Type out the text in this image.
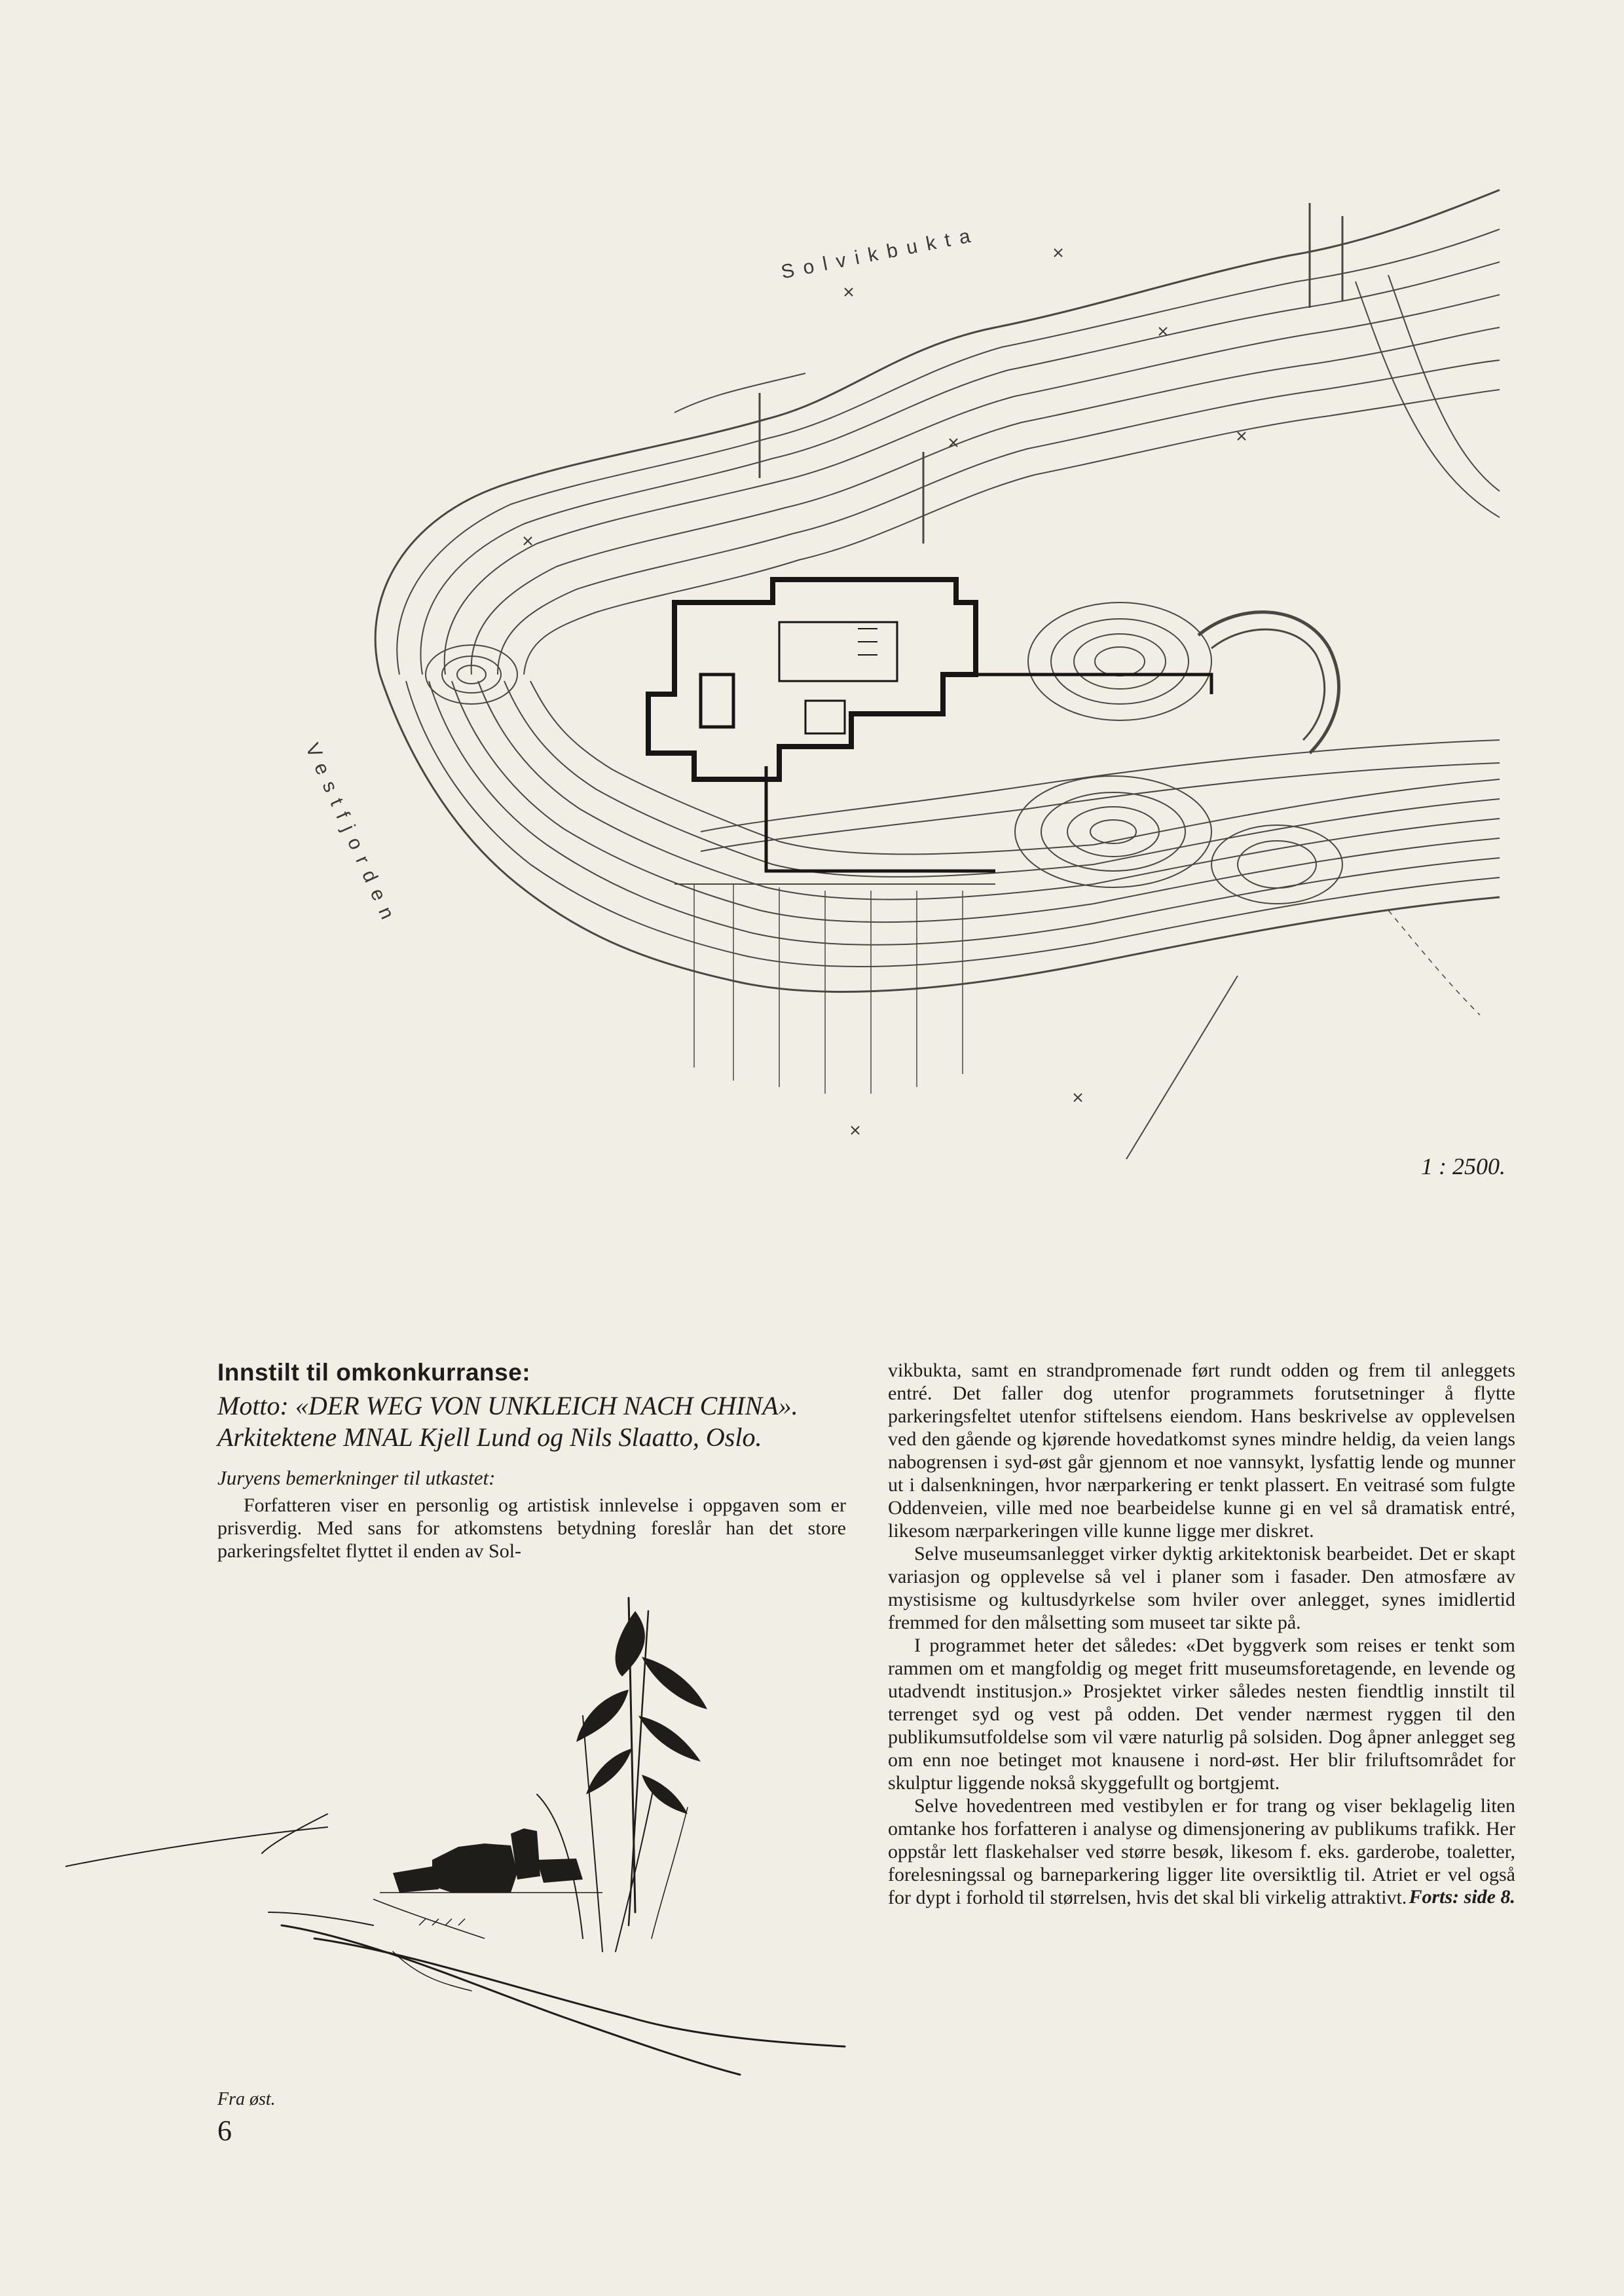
Solvikbukta
Vestfjorden
1 : 2500.
Innstilt til omkonkurranse:

Motto: «DER WEG VON UNKLEICH NACH CHINA».

Arkitektene MNAL Kjell Lund og Nils Slaatto, Oslo.

Juryens bemerkninger til utkastet:

Forfatteren viser en personlig og artistisk innlevelse i oppgaven som er prisverdig. Med sans for atkomstens betydning foreslår han det store parkeringsfeltet flyttet il enden av Sol-

vikbukta, samt en strandpromenade ført rundt odden og frem til anleggets entré. Det faller dog utenfor programmets forutsetninger å flytte parkeringsfeltet utenfor stiftelsens eiendom. Hans beskrivelse av opplevelsen ved den gående og kjørende hovedatkomst synes mindre heldig, da veien langs nabogrensen i syd-øst går gjennom et noe vannsykt, lysfattig lende og munner ut i dalsenkningen, hvor nærparkering er tenkt plassert. En veitrasé som fulgte Oddenveien, ville med noe bearbeidelse kunne gi en vel så dramatisk entré, likesom nærparkeringen ville kunne ligge mer diskret.

Selve museumsanlegget virker dyktig arkitektonisk bearbeidet. Det er skapt variasjon og opplevelse så vel i planer som i fasader. Den atmosfære av mystisisme og kultusdyrkelse som hviler over anlegget, synes imidlertid fremmed for den målsetting som museet tar sikte på.

I programmet heter det således: «Det byggverk som reises er tenkt som rammen om et mangfoldig og meget fritt museumsforetagende, en levende og utadvendt institusjon.» Prosjektet virker således nesten fiendtlig innstilt til terrenget syd og vest på odden. Det vender nærmest ryggen til den publikumsutfoldelse som vil være naturlig på solsiden. Dog åpner anlegget seg om enn noe betinget mot knausene i nord-øst. Her blir friluftsområdet for skulptur liggende nokså skyggefullt og bortgjemt.

Selve hovedentreen med vestibylen er for trang og viser beklagelig liten omtanke hos forfatteren i analyse og dimensjonering av publikums trafikk. Her oppstår lett flaskehalser ved større besøk, likesom f. eks. garderobe, toaletter, forelesningssal og barneparkering ligger lite oversiktlig til. Atriet er vel også for dypt i forhold til størrelsen, hvis det skal bli virkelig attraktivt. Forts: side 8.
Fra øst.
6
